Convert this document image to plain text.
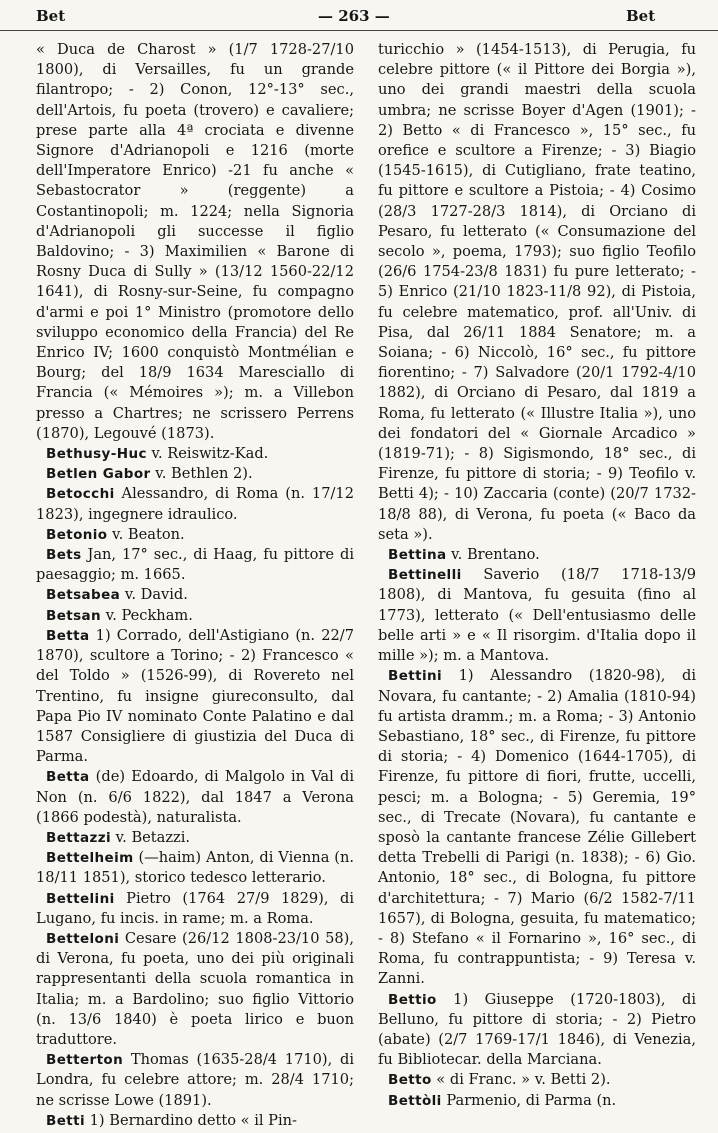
Bet	— 263 —	Bet

« Duca de Charost » (1/7 1728-27/10 1800), di Versailles, fu un grande filantropo; - 2) Conon, 12°-13° sec., dell'Artois, fu poeta (trovero) e cavaliere; prese parte alla 4ª crociata e divenne Signore d'Adrianopoli e 1216 (morte dell'Imperatore Enrico) -21 fu anche « Sebastocrator » (reggente) a Costantinopoli; m. 1224; nella Signoria d'Adrianopoli gli successe il figlio Baldovino; - 3) Maximilien « Barone di Rosny Duca di Sully » (13/12 1560-22/12 1641), di Rosny-sur-Seine, fu compagno d'armi e poi 1° Ministro (promotore dello sviluppo economico della Francia) del Re Enrico IV; 1600 conquistò Montmélian e Bourg; del 18/9 1634 Maresciallo di Francia (« Mémoires »); m. a Villebon presso a Chartres; ne scrissero Perrens (1870), Legouvé (1873).

Bethusy-Huc v. Reiswitz-Kad.

Betlen Gabor v. Bethlen 2).

Betocchi Alessandro, di Roma (n. 17/12 1823), ingegnere idraulico.

Betonio v. Beaton.

Bets Jan, 17° sec., di Haag, fu pittore di paesaggio; m. 1665.

Betsabea v. David.

Betsan v. Peckham.

Betta 1) Corrado, dell'Astigiano (n. 22/7 1870), scultore a Torino; - 2) Francesco « del Toldo » (1526-99), di Rovereto nel Trentino, fu insigne giureconsulto, dal Papa Pio IV nominato Conte Palatino e dal 1587 Consigliere di giustizia del Duca di Parma.

Betta (de) Edoardo, di Malgolo in Val di Non (n. 6/6 1822), dal 1847 a Verona (1866 podestà), naturalista.

Bettazzi v. Betazzi.

Bettelheim (—haim) Anton, di Vienna (n. 18/11 1851), storico tedesco letterario.

Bettelini Pietro (1764 27/9 1829), di Lugano, fu incis. in rame; m. a Roma.

Betteloni Cesare (26/12 1808-23/10 58), di Verona, fu poeta, uno dei più originali rappresentanti della scuola romantica in Italia; m. a Bardolino; suo figlio Vittorio (n. 13/6 1840) è poeta lirico e buon traduttore.

Betterton Thomas (1635-28/4 1710), di Londra, fu celebre attore; m. 28/4 1710; ne scrisse Lowe (1891).

Betti 1) Bernardino detto « il Pin-

turicchio » (1454-1513), di Perugia, fu celebre pittore (« il Pittore dei Borgia »), uno dei grandi maestri della scuola umbra; ne scrisse Boyer d'Agen (1901); - 2) Betto « di Francesco », 15° sec., fu orefice e scultore a Firenze; - 3) Biagio (1545-1615), di Cutigliano, frate teatino, fu pittore e scultore a Pistoia; - 4) Cosimo (28/3 1727-28/3 1814), di Orciano di Pesaro, fu letterato (« Consumazione del secolo », poema, 1793); suo figlio Teofilo (26/6 1754-23/8 1831) fu pure letterato; - 5) Enrico (21/10 1823-11/8 92), di Pistoia, fu celebre matematico, prof. all'Univ. di Pisa, dal 26/11 1884 Senatore; m. a Soiana; - 6) Niccolò, 16° sec., fu pittore fiorentino; - 7) Salvadore (20/1 1792-4/10 1882), di Orciano di Pesaro, dal 1819 a Roma, fu letterato (« Illustre Italia »), uno dei fondatori del « Giornale Arcadico » (1819-71); - 8) Sigismondo, 18° sec., di Firenze, fu pittore di storia; - 9) Teofilo v. Betti 4); - 10) Zaccaria (conte) (20/7 1732-18/8 88), di Verona, fu poeta (« Baco da seta »).

Bettina v. Brentano.

Bettinelli Saverio (18/7 1718-13/9 1808), di Mantova, fu gesuita (fino al 1773), letterato (« Dell'entusiasmo delle belle arti » e « Il risorgim. d'Italia dopo il mille »); m. a Mantova.

Bettini 1) Alessandro (1820-98), di Novara, fu cantante; - 2) Amalia (1810-94) fu artista dramm.; m. a Roma; - 3) Antonio Sebastiano, 18° sec., di Firenze, fu pittore di storia; - 4) Domenico (1644-1705), di Firenze, fu pittore di fiori, frutte, uccelli, pesci; m. a Bologna; - 5) Geremia, 19° sec., di Trecate (Novara), fu cantante e sposò la cantante francese Zélie Gillebert detta Trebelli di Parigi (n. 1838); - 6) Gio. Antonio, 18° sec., di Bologna, fu pittore d'architettura; - 7) Mario (6/2 1582-7/11 1657), di Bologna, gesuita, fu matematico; - 8) Stefano « il Fornarino », 16° sec., di Roma, fu contrappuntista; - 9) Teresa v. Zanni.

Bettio 1) Giuseppe (1720-1803), di Belluno, fu pittore di storia; - 2) Pietro (abate) (2/7 1769-17/1 1846), di Venezia, fu Bibliotecar. della Marciana.

Betto « di Franc. » v. Betti 2).

Bettòli Parmenio, di Parma (n.
